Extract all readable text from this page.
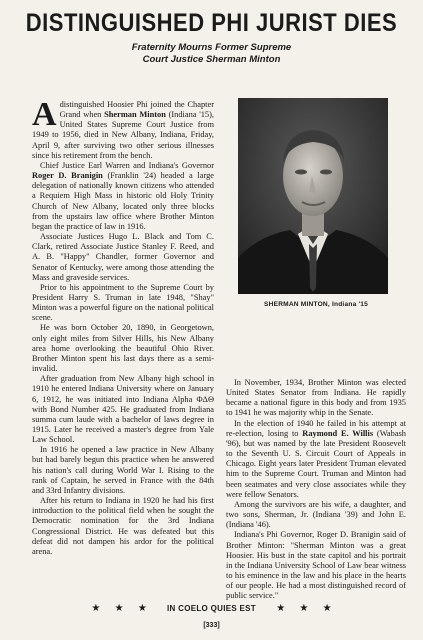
DISTINGUISHED PHI JURIST DIES
Fraternity Mourns Former Supreme
Court Justice Sherman Minton

Adistinguished Hoosier Phi joined the Chapter Grand when Sherman Minton (Indiana '15), United States Supreme Court Justice from 1949 to 1956, died in New Albany, Indiana, Friday, April 9, after surviving two other serious illnesses since his retirement from the bench.

Chief Justice Earl Warren and Indiana's Governor Roger D. Branigin (Franklin '24) headed a large delegation of nationally known citizens who attended a Requiem High Mass in historic old Holy Trinity Church of New Albany, located only three blocks from the upstairs law office where Brother Minton began the practice of law in 1916.

Associate Justices Hugo L. Black and Tom C. Clark, retired Associate Justice Stanley F. Reed, and A. B. "Happy" Chandler, former Governor and Senator of Kentucky, were among those attending the Mass and graveside services.

Prior to his appointment to the Supreme Court by President Harry S. Truman in late 1948, "Shay" Minton was a powerful figure on the national political scene.

He was born October 20, 1890, in Georgetown, only eight miles from Silver Hills, his New Albany area home overlooking the beautiful Ohio River. Brother Minton spent his last days there as a semi-invalid.

After graduation from New Albany high school in 1910 he entered Indiana University where on January 6, 1912, he was initiated into Indiana Alpha ΦΔΘ with Bond Number 425. He graduated from Indiana summa cum laude with a bachelor of laws degree in 1915. Later he received a master's degree from Yale Law School.

In 1916 he opened a law practice in New Albany but had barely begun this practice when he answered his nation's call during World War I. Rising to the rank of Captain, he served in France with the 84th and 33rd Infantry divisions.

After his return to Indiana in 1920 he had his first introduction to the political field when he sought the Democratic nomination for the 3rd Indiana Congressional District. He was defeated but this defeat did not dampen his ardor for the political arena.

SHERMAN MINTON, Indiana '15

In November, 1934, Brother Minton was elected United States Senator from Indiana. He rapidly became a national figure in this body and from 1935 to 1941 he was majority whip in the Senate.

In the election of 1940 he failed in his attempt at re-election, losing to Raymond E. Willis (Wabash '96), but was named by the late President Roosevelt to the Seventh U. S. Circuit Court of Appeals in Chicago. Eight years later President Truman elevated him to the Supreme Court. Truman and Minton had been seatmates and very close associates while they were fellow Senators.

Among the survivors are his wife, a daughter, and two sons, Sherman, Jr. (Indiana '39) and John E. (Indiana '46).

Indiana's Phi Governor, Roger D. Branigin said of Brother Minton: "Sherman Minton was a great Hoosier. His bust in the state capitol and his portrait in the Indiana University School of Law bear witness to his eminence in the law and his place in the hearts of our people. He had a most distinguished record of public service."

★ ★ ★	IN COELO QUIES EST ★ ★ ★
[333]
